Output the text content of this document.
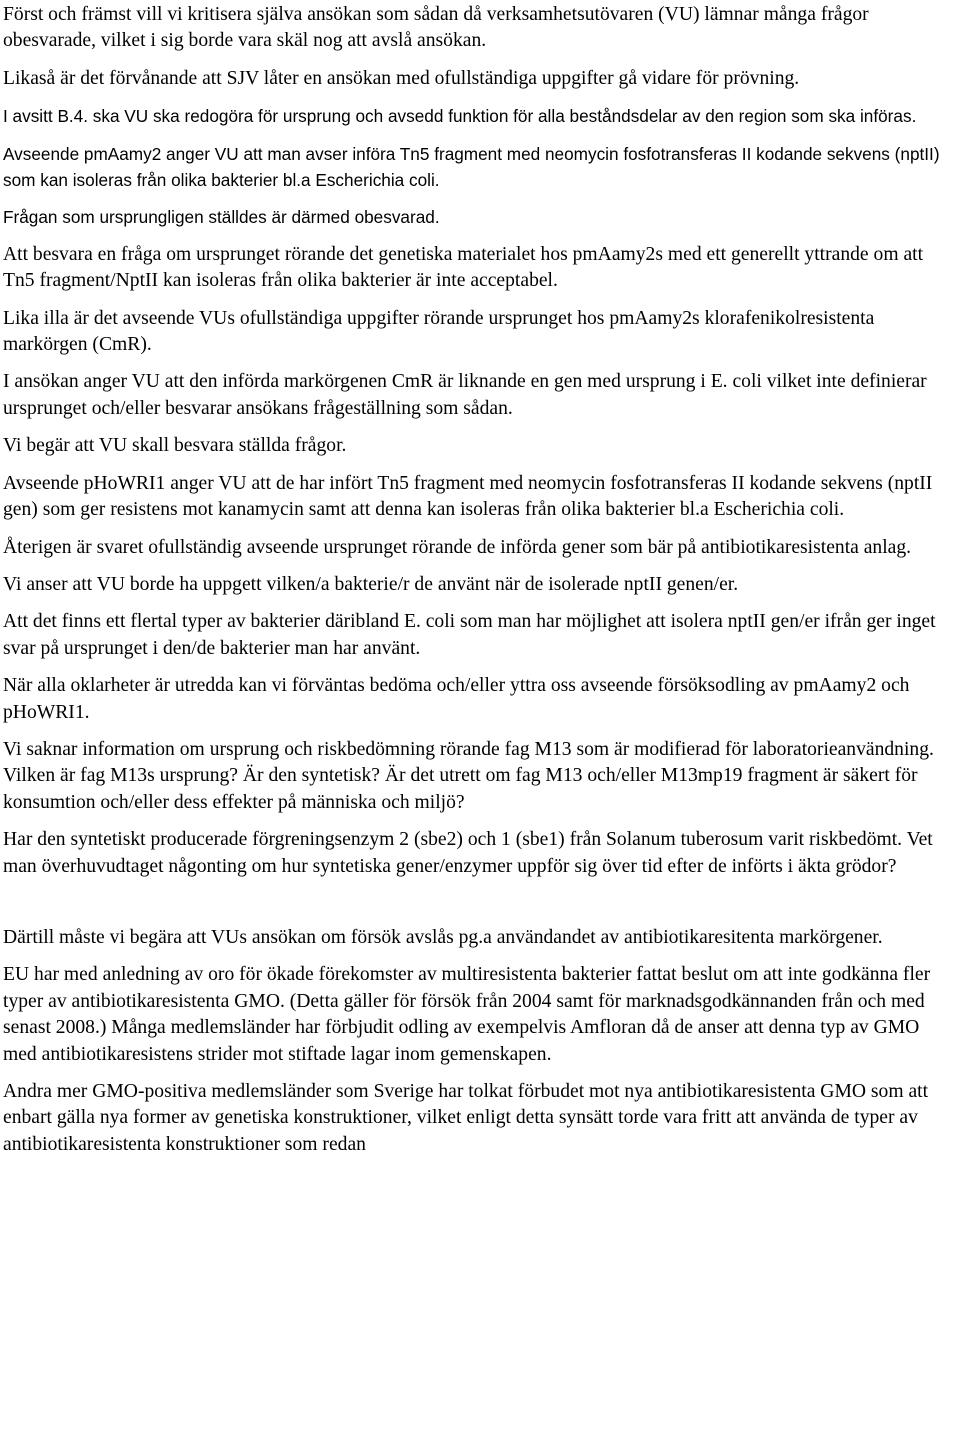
Först och främst vill vi kritisera själva ansökan som sådan då verksamhetsutövaren (VU) lämnar många frågor obesvarade, vilket i sig borde vara skäl nog att avslå ansökan.

Likaså är det förvånande att SJV låter en ansökan med ofullständiga uppgifter gå vidare för prövning.

I avsitt B.4. ska VU ska redogöra för ursprung och avsedd funktion för alla beståndsdelar av den region som ska införas.

Avseende pmAamy2 anger VU att man avser införa Tn5 fragment med neomycin fosfotransferas II kodande sekvens (nptII) som kan isoleras från olika bakterier bl.a Escherichia coli.

Frågan som ursprungligen ställdes är därmed obesvarad.

Att besvara en fråga om ursprunget rörande det genetiska materialet hos pmAamy2s med ett generellt yttrande om att Tn5 fragment/NptII kan isoleras från olika bakterier är inte acceptabel.

Lika illa är det avseende VUs ofullständiga uppgifter rörande ursprunget hos pmAamy2s klorafenikolresistenta markörgen (CmR).

I ansökan anger VU att den införda markörgenen CmR är liknande en gen med ursprung i E. coli vilket inte definierar ursprunget och/eller besvarar ansökans frågeställning som sådan.

Vi begär att VU skall besvara ställda frågor.

Avseende pHoWRI1 anger VU att de har infört Tn5 fragment med neomycin fosfotransferas II kodande sekvens (nptII gen) som ger resistens mot kanamycin samt att denna kan isoleras från olika bakterier bl.a Escherichia coli.

Återigen är svaret ofullständig avseende ursprunget rörande de införda gener som bär på antibiotikaresistenta anlag.

Vi anser att VU borde ha uppgett vilken/a bakterie/r de använt när de isolerade nptII genen/er.

Att det finns ett flertal typer av bakterier däribland E. coli som man har möjlighet att isolera nptII gen/er ifrån ger inget svar på ursprunget i den/de bakterier man har använt.

När alla oklarheter är utredda kan vi förväntas bedöma och/eller yttra oss avseende försöksodling av pmAamy2 och pHoWRI1.

Vi saknar information om ursprung och riskbedömning rörande fag M13 som är modifierad för laboratorieanvändning. Vilken är fag M13s ursprung? Är den syntetisk? Är det utrett om fag M13 och/eller M13mp19 fragment är säkert för konsumtion och/eller dess effekter på människa och miljö?

Har den syntetiskt producerade förgreningsenzym 2 (sbe2) och 1 (sbe1) från Solanum tuberosum varit riskbedömt. Vet man överhuvudtaget någonting om hur syntetiska gener/enzymer uppför sig över tid efter de införts i äkta grödor?

Därtill måste vi begära att VUs ansökan om försök avslås pg.a användandet av antibiotikaresitenta markörgener.

EU har med anledning av oro för ökade förekomster av multiresistenta bakterier fattat beslut om att inte godkänna fler typer av antibiotikaresistenta GMO. (Detta gäller för försök från 2004 samt för marknadsgodkännanden från och med senast 2008.) Många medlemsländer har förbjudit odling av exempelvis Amfloran då de anser att denna typ av GMO med antibiotikaresistens strider mot stiftade lagar inom gemenskapen.

Andra mer GMO-positiva medlemsländer som Sverige har tolkat förbudet mot nya antibiotikaresistenta GMO som att enbart gälla nya former av genetiska konstruktioner, vilket enligt detta synsätt torde vara fritt att använda de typer av antibiotikaresistenta konstruktioner som redan
